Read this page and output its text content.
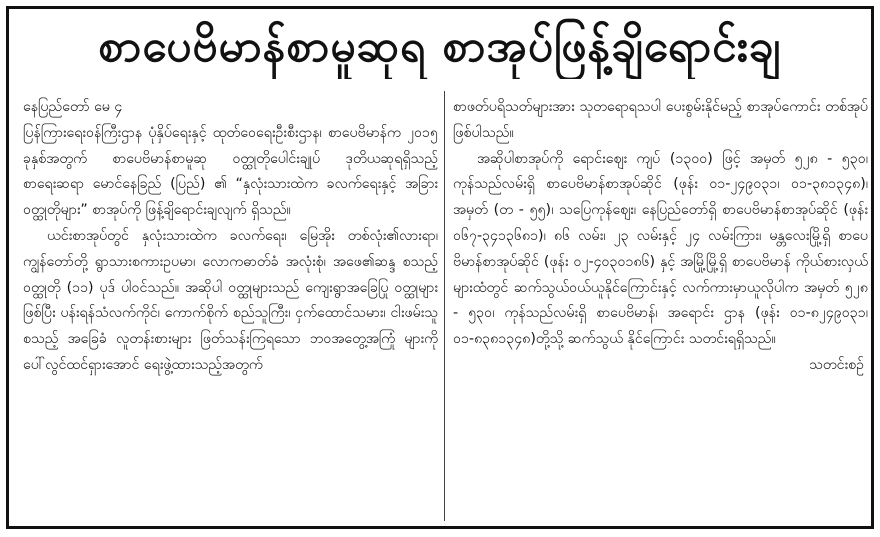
စာပေဗိမာန်စာမူဆုရ စာအုပ်ဖြန့်ချိရောင်းချ

နေပြည်တော် မေ ၄

ပြန်ကြားရေးဝန်ကြီးဌာန ပုံနှိပ်ရေးနှင့် ထုတ်ဝေရေးဦးစီးဌာန၊ စာပေဗိမာန်က ၂၀၁၅ ခုနှစ်အတွက် စာပေဗိမာန်စာမူဆု ဝတ္ထုတိုပေါင်းချုပ် ဒုတိယဆုရရှိသည့် စာရေးဆရာ မောင်နေခြည် (ပြည်) ၏ “နှလုံးသားထဲက ခလက်ရေးနှင့် အခြားဝတ္ထုတိုများ” စာအုပ်ကို ဖြန့်ချိရောင်းချလျက် ရှိသည်။

ယင်းစာအုပ်တွင် နှလုံးသားထဲက ခလက်ရေး၊ မြေအိုး တစ်လုံး၏လားရာ၊ ကျွန်တော်တို့ ရွာသားစကားဥပမာ၊ လောကဓာတ်ခံ အလုံးစုံ၊ အဖေ၏ဆန္ဒ စသည့် ဝတ္ထုတို (၁၁) ပုဒ် ပါဝင်သည်။ အဆိုပါ ဝတ္ထုများသည် ကျေးရွာအခြေပြု ဝတ္ထုများဖြစ်ပြီး ပန်းရန်သံလက်ကိုင်၊ ကောက်စိုက် စည်သူကြီး၊ ငှက်ထောင်သမား၊ ငါးဖမ်းသူ စသည့် အခြေခံ လူတန်းစားများ ဖြတ်သန်းကြရသော ဘဝအတွေ့အကြုံ များကို ပေါ်လွင်ထင်ရှားအောင် ရေးဖွဲ့ထားသည့်အတွက်

စာဖတ်ပရိသတ်များအား သုတရောရသပါ ပေးစွမ်းနိုင်မည့် စာအုပ်ကောင်း တစ်အုပ်ဖြစ်ပါသည်။

အဆိုပါစာအုပ်ကို ရောင်းဈေး ကျပ် (၁၃၀၀) ဖြင့် အမှတ် ၅၂၈ - ၅၃၀၊ ကုန်သည်လမ်းရှိ စာပေဗိမာန်စာအုပ်ဆိုင် (ဖုန်း ၀၁-၂၄၉၀၃၁၊ ၀၁-၃၈၁၃၄၈)၊ အမှတ် (တ - ၅၅)၊ သပြေကုန်ဈေး၊ နေပြည်တော်ရှိ စာပေဗိမာန်စာအုပ်ဆိုင် (ဖုန်း ၀၆၇-၃၄၁၃၆၈၁)၊ ၈၆ လမ်း၊ ၂၃ လမ်းနှင့် ၂၄ လမ်းကြား၊ မန္တလေးမြို့ရှိ စာပေဗိမာန်စာအုပ်ဆိုင် (ဖုန်း ၀၂-၄၀၃၀၁၈၆) နှင့် အမြို့မြို့ရှိ စာပေဗိမာန် ကိုယ်စားလှယ်များထံတွင် ဆက်သွယ်ဝယ်ယူနိုင်ကြောင်းနှင့် လက်ကားမှာယူလိုပါက အမှတ် ၅၂၈ - ၅၃၀၊ ကုန်သည်လမ်းရှိ စာပေဗိမာန်၊ အရောင်း ဌာန (ဖုန်း ၀၁-၈၂၄၉၀၃၁၊ ၀၁-၈၃၈၁၃၄၈)တို့သို့ ဆက်သွယ် နိုင်ကြောင်း သတင်းရရှိသည်။

သတင်းစဉ်
